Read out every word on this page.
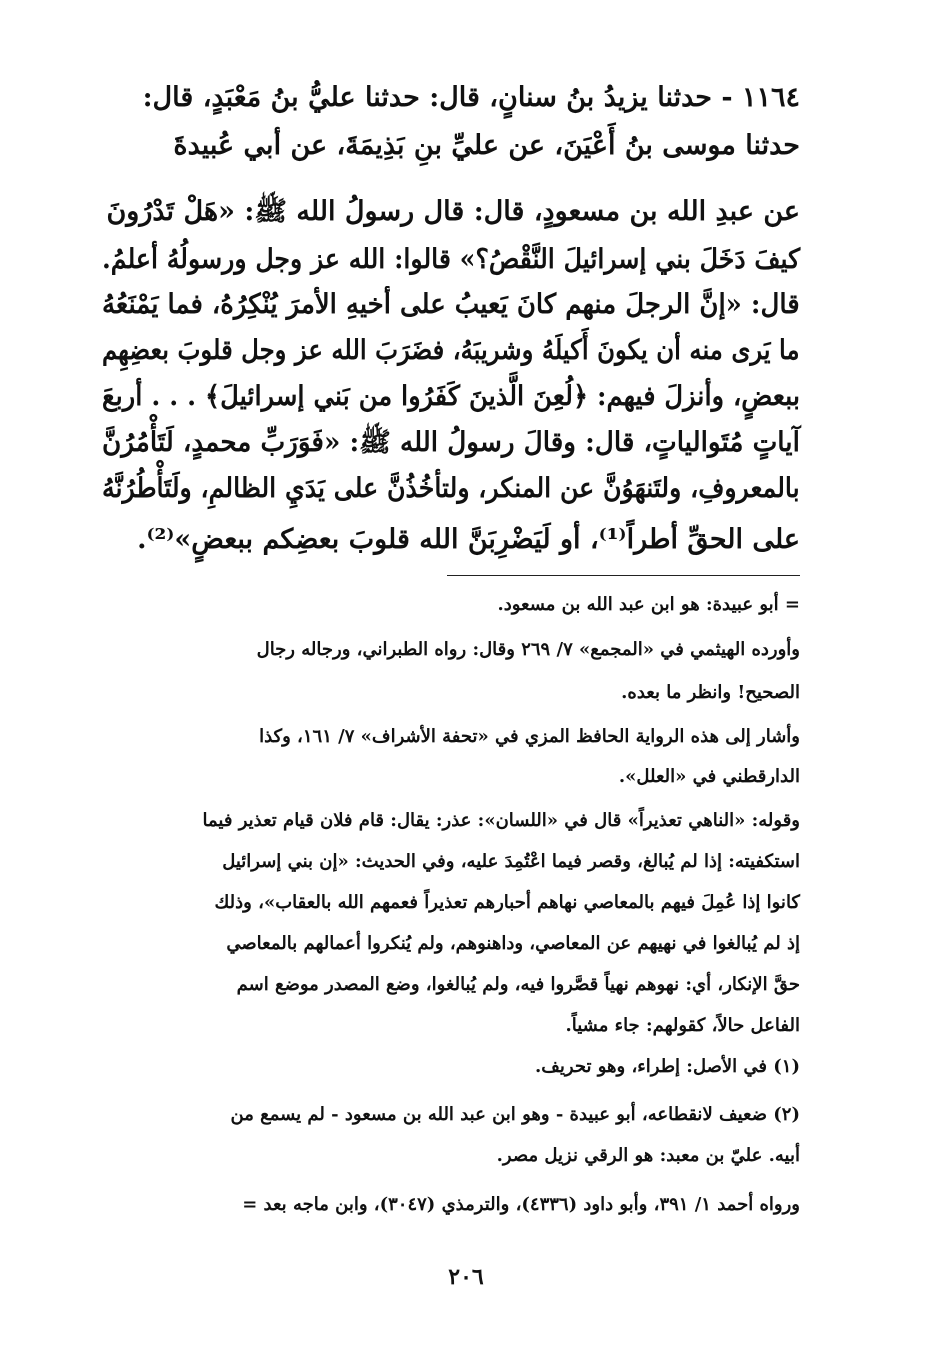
١١٦٤ - حدثنا يزيدُ بنُ سنانٍ، قال: حدثنا عليُّ بنُ مَعْبَدٍ، قال:
حدثنا موسى بنُ أَعْيَنَ، عن عليِّ بنِ بَذِيمَةَ، عن أبي عُبيدةَ
عن عبدِ الله بن مسعودٍ، قال: قال رسولُ الله ﷺ: «هَلْ تَدْرُونَ
كيفَ دَخَلَ بني إسرائيلَ النَّقْصُ؟» قالوا: الله عز وجل ورسولُهُ أعلمُ.
قال: «إنَّ الرجلَ منهم كانَ يَعيبُ على أخيهِ الأمرَ يُنْكِرُهُ، فما يَمْنَعُهُ
ما يَرى منه أن يكونَ أَكيلَهُ وشريبَهُ، فضَرَبَ الله عز وجل قلوبَ بعضِهِم
ببعضٍ، وأنزلَ فيهم: ﴿لُعِنَ الَّذينَ كَفَرُوا من بَني إسرائيلَ﴾ . . . أربعَ
آياتٍ مُتَوالياتٍ، قال: وقالَ رسولُ الله ﷺ: «فَوَرَبِّ محمدٍ، لَتَأْمُرُنَّ
بالمعروفِ، ولتَنهَوُنَّ عن المنكر، ولتأخُذُنَّ على يَدَيِ الظالمِ، ولَتَأْطُرُنَّهُ
على الحقِّ أطراً⁽¹⁾، أو لَيَضْرِبَنَّ الله قلوبَ بعضِكم ببعضٍ»⁽²⁾.
= أبو عبيدة: هو ابن عبد الله بن مسعود.
وأورده الهيثمي في «المجمع» ٧/ ٢٦٩ وقال: رواه الطبراني، ورجاله رجال
الصحيح! وانظر ما بعده.
وأشار إلى هذه الرواية الحافظ المزي في «تحفة الأشراف» ٧/ ١٦١، وكذا
الدارقطني في «العلل».
وقوله: «الناهي تعذيراً» قال في «اللسان»: عذر: يقال: قام فلان قيام تعذير فيما
استكفيته: إذا لم يُبالغ، وقصر فيما اعْتُمِدَ عليه، وفي الحديث: «إن بني إسرائيل
كانوا إذا عُمِلَ فيهم بالمعاصي نهاهم أحبارهم تعذيراً فعمهم الله بالعقاب»، وذلك
إذ لم يُبالغوا في نهيهم عن المعاصي، وداهنوهم، ولم يُنكروا أعمالهم بالمعاصي
حقَّ الإنكار، أي: نهوهم نهياً قصَّروا فيه، ولم يُبالغوا، وضع المصدر موضع اسم
الفاعل حالاً، كقولهم: جاء مشياً.
(١) في الأصل: إطراء، وهو تحريف.
(٢) ضعيف لانقطاعه، أبو عبيدة - وهو ابن عبد الله بن مسعود - لم يسمع من
أبيه. عليّ بن معبد: هو الرقي نزيل مصر.
ورواه أحمد ١/ ٣٩١، وأبو داود (٤٣٣٦)، والترمذي (٣٠٤٧)، وابن ماجه بعد =
٢٠٦
